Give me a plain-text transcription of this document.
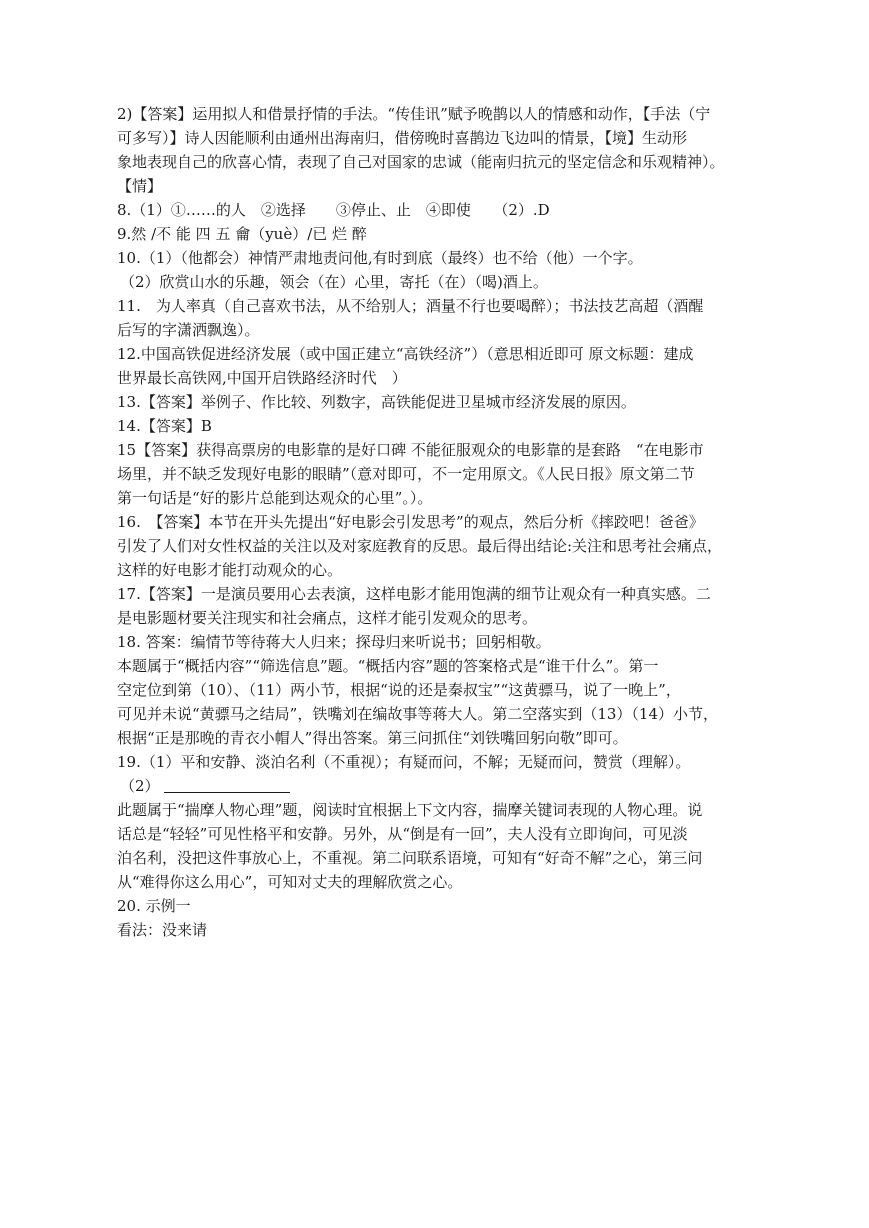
2)【答案】运用拟人和借景抒情的手法。“传佳讯”赋予晚鹊以人的情感和动作，【手法（宁
可多写）】诗人因能顺利由通州出海南归，借傍晚时喜鹊边飞边叫的情景，【境】生动形
象地表现自己的欣喜心情，表现了自己对国家的忠诚（能南归抗元的坚定信念和乐观精神）。
【情】
8.（1）①……的人　②选择　　③停止、止　④即使　　（2）.D
9.然 /不 能 四 五 龠（yuè）/已 烂 醉
10.（1）（他都会）神情严肃地责问他,有时到底（最终）也不给（他）一个字。
（2）欣赏山水的乐趣，领会（在）心里，寄托（在）（喝)酒上。
11.　为人率真（自己喜欢书法，从不给别人；酒量不行也要喝醉）；书法技艺高超（酒醒
后写的字潇洒飘逸）。
12.中国高铁促进经济发展（或中国正建立“高铁经济”）（意思相近即可 原文标题：建成
世界最长高铁网,中国开启铁路经济时代　）
13.【答案】举例子、作比较、列数字，高铁能促进卫星城市经济发展的原因。
14.【答案】B
15【答案】获得高票房的电影靠的是好口碑 不能征服观众的电影靠的是套路　“在电影市
场里，并不缺乏发现好电影的眼睛”（意对即可，不一定用原文。《人民日报》原文第二节
第一句话是“好的影片总能到达观众的心里”。）。
16.　【答案】本节在开头先提出“好电影会引发思考”的观点，然后分析《摔跤吧！爸爸》
引发了人们对女性权益的关注以及对家庭教育的反思。最后得出结论:关注和思考社会痛点，
这样的好电影才能打动观众的心。
17.【答案】一是演员要用心去表演，这样电影才能用饱满的细节让观众有一种真实感。二
是电影题材要关注现实和社会痛点，这样才能引发观众的思考。
18. 答案：编情节等待蒋大人归来；探母归来听说书；回躬相敬。
本题属于“概括内容”“筛选信息”题。“概括内容”题的答案格式是“谁干什么”。第一
空定位到第（10）、（11）两小节，根据“说的还是秦叔宝”“这黄骠马，说了一晚上”，
可见并未说“黄骠马之结局”，铁嘴刘在编故事等蒋大人。第二空落实到（13）（14）小节，
根据“正是那晚的青衣小帽人”得出答案。第三问抓住“刘铁嘴回躬向敬”即可。
19.（1）平和安静、淡泊名利（不重视）；有疑而问，不解；无疑而问，赞赏（理解）。
（2）
此题属于“揣摩人物心理”题，阅读时宜根据上下文内容，揣摩关键词表现的人物心理。说
话总是“轻轻”可见性格平和安静。另外，从“倒是有一回”，夫人没有立即询问，可见淡
泊名利，没把这件事放心上，不重视。第二问联系语境，可知有“好奇不解”之心，第三问
从“难得你这么用心”，可知对丈夫的理解欣赏之心。
20. 示例一
看法：没来请
